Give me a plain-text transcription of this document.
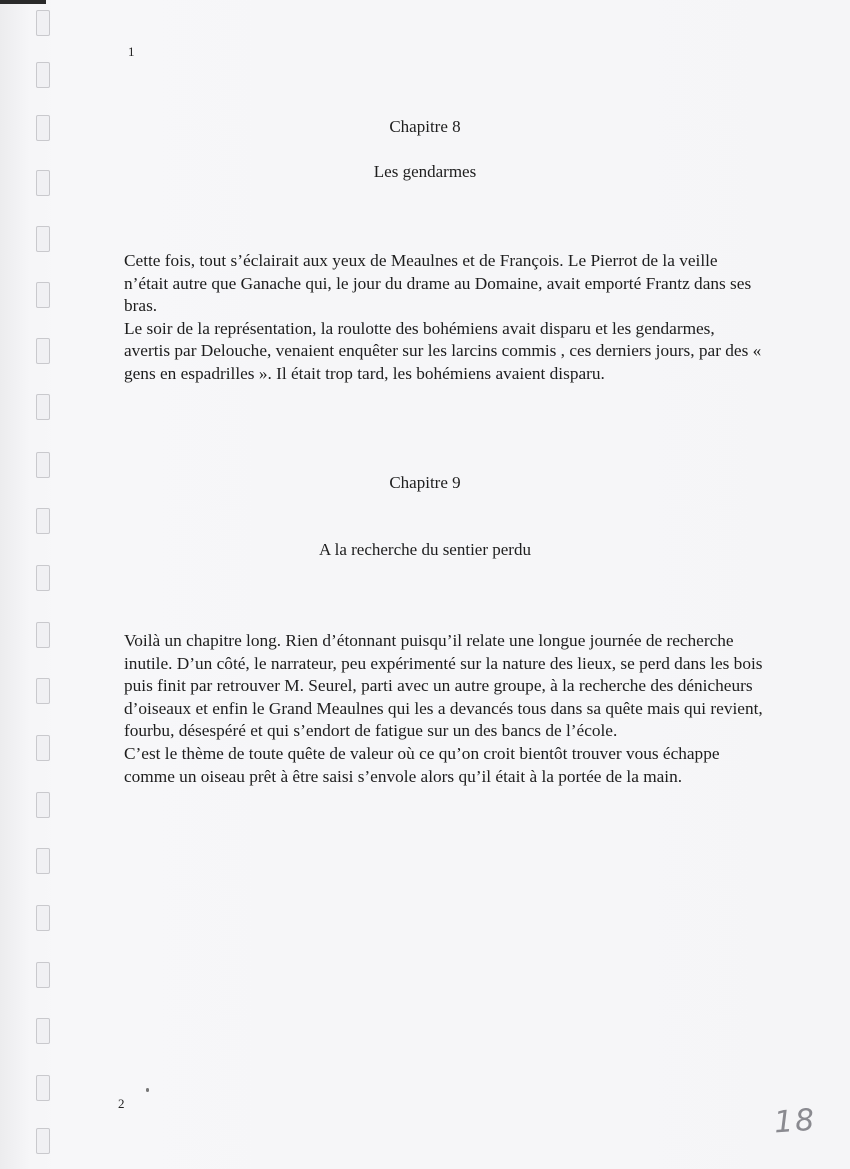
1
Chapitre 8
Les gendarmes

Cette fois, tout s’éclairait aux yeux de Meaulnes et de François. Le Pierrot de la veille n’était autre que Ganache qui, le jour du drame au Domaine, avait emporté Frantz dans ses bras.

Le soir de la représentation, la roulotte des bohémiens avait disparu et les gendarmes, avertis par Delouche, venaient enquêter sur les larcins commis , ces derniers jours, par des « gens en espadrilles ». Il était trop tard, les bohémiens avaient disparu.

Chapitre 9
A la recherche du sentier perdu

Voilà un chapitre long. Rien d’étonnant puisqu’il relate une longue journée de recherche inutile. D’un côté, le narrateur, peu expérimenté sur la nature des lieux, se perd dans les bois puis finit par retrouver M. Seurel, parti avec un autre groupe, à la recherche des dénicheurs d’oiseaux et enfin le Grand Meaulnes qui les a devancés tous dans sa quête mais qui revient, fourbu, désespéré et qui s’endort de fatigue sur un des bancs de l’école.

C’est le thème de toute quête de valeur où ce qu’on croit bientôt trouver vous échappe comme un oiseau prêt à être saisi s’envole alors qu’il était à la portée de la main.

2	18
